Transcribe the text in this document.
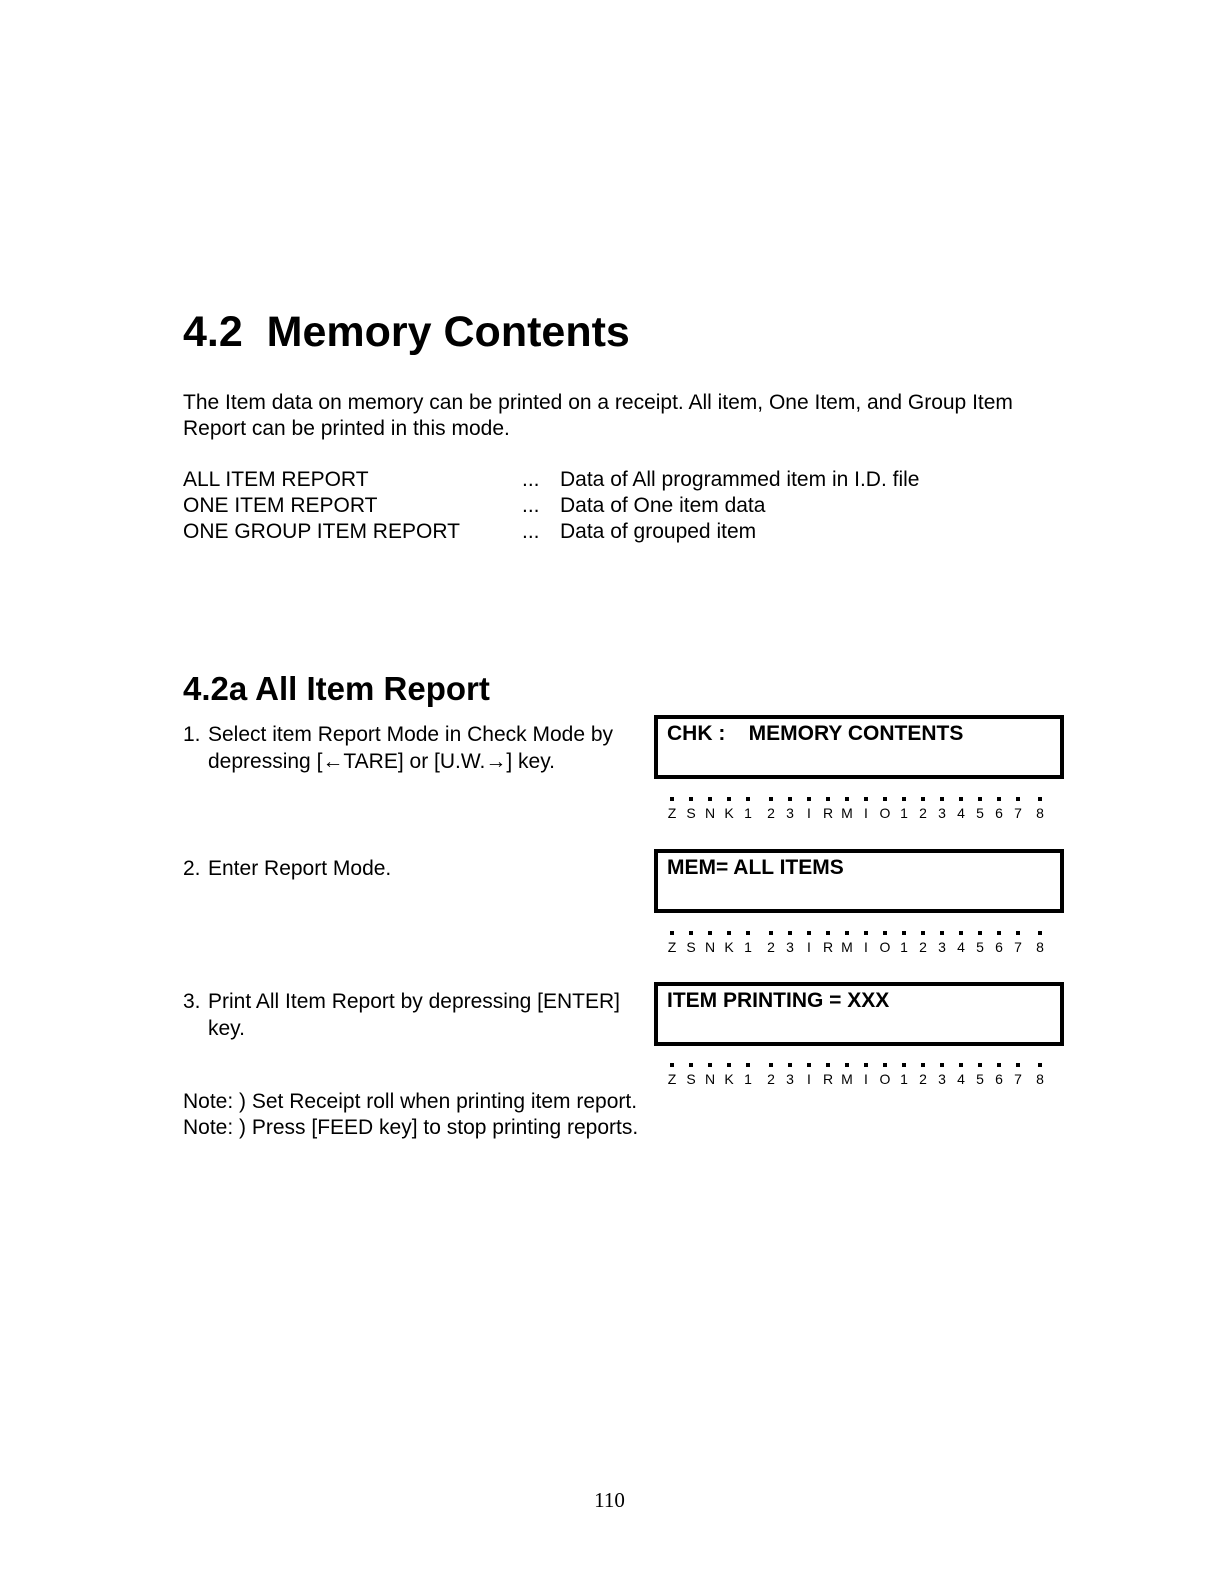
4.2  Memory Contents

The Item data on memory can be printed on a receipt. All item, One Item, and Group Item Report can be printed in this mode.

ALL ITEM REPORT	... Data of All programmed item in I.D. file
ONE ITEM REPORT	... Data of One item data
ONE GROUP ITEM REPORT	... Data of grouped item
4.2a All Item Report
1. Select item Report Mode in Check Mode by depressing [←TARE] or [U.W.→] key.
CHK :    MEMORY CONTENTS
Z S N K 1 2 3 I R M I O 1 2 3 4 5 6 7 8
2. Enter Report Mode.	MEM= ALL ITEMS
Z S N K 1 2 3 I R M I O 1 2 3 4 5 6 7 8
3. Print All Item Report by depressing [ENTER] key.
ITEM PRINTING = XXX
Z S N K 1 2 3 I R M I O 1 2 3 4 5 6 7 8
Note: ) Set Receipt roll when printing item report.
Note: ) Press [FEED key] to stop printing reports.
110
